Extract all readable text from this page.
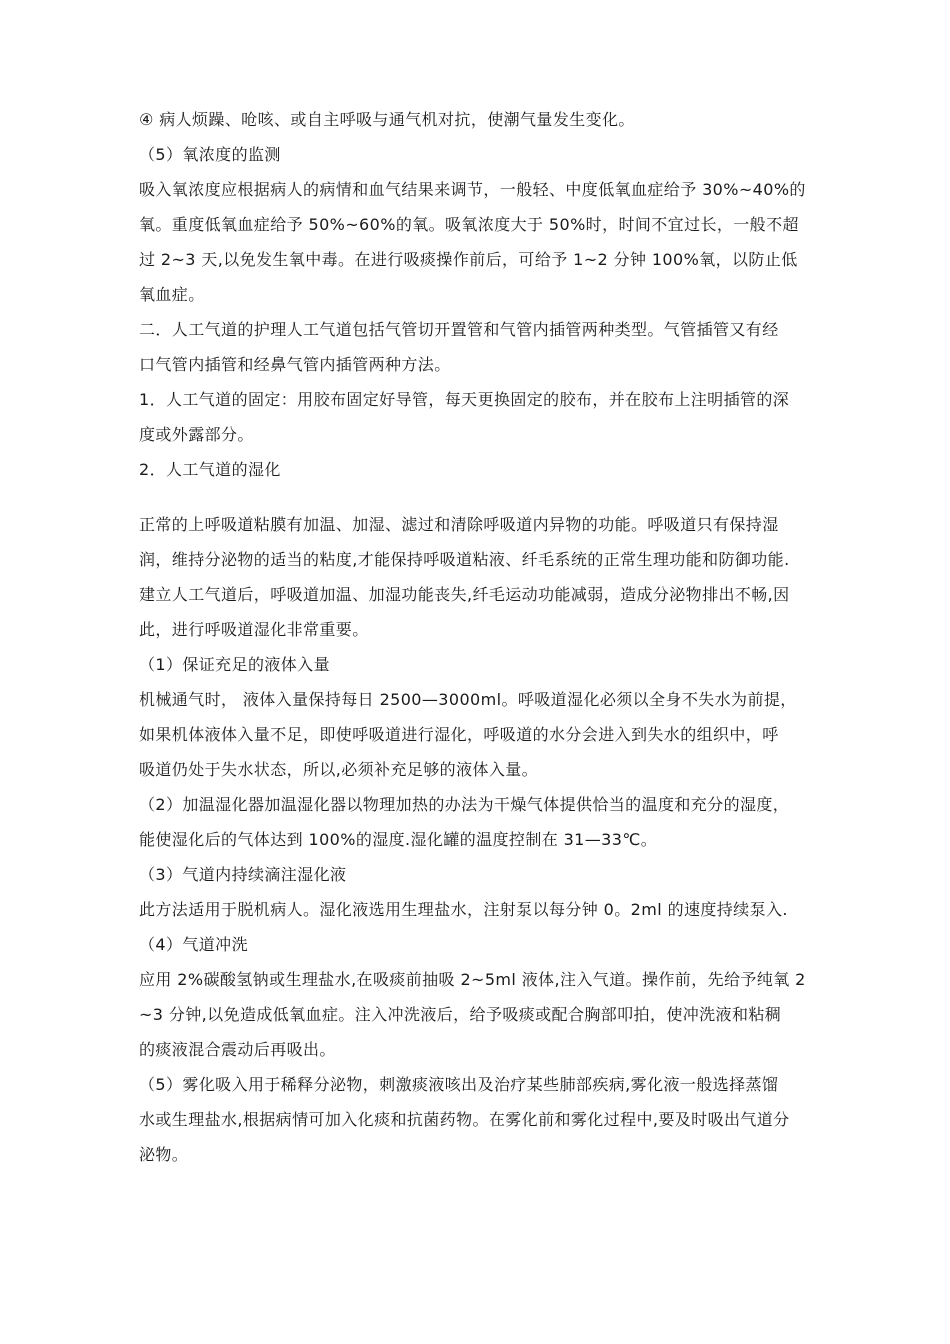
④ 病人烦躁、呛咳、或自主呼吸与通气机对抗，使潮气量发生变化。

（5）氧浓度的监测

吸入氧浓度应根据病人的病情和血气结果来调节，一般轻、中度低氧血症给予 30%~40%的

氧。重度低氧血症给予 50%~60%的氧。吸氧浓度大于 50%时，时间不宜过长，一般不超

过 2~3 天,以免发生氧中毒。在进行吸痰操作前后，可给予 1~2 分钟 100%氧，以防止低

氧血症。

二．人工气道的护理人工气道包括气管切开置管和气管内插管两种类型。气管插管又有经

口气管内插管和经鼻气管内插管两种方法。

1．人工气道的固定：用胶布固定好导管，每天更换固定的胶布，并在胶布上注明插管的深

度或外露部分。

2．人工气道的湿化

正常的上呼吸道粘膜有加温、加湿、滤过和清除呼吸道内异物的功能。呼吸道只有保持湿

润，维持分泌物的适当的粘度,才能保持呼吸道粘液、纤毛系统的正常生理功能和防御功能.

建立人工气道后，呼吸道加温、加湿功能丧失,纤毛运动功能减弱，造成分泌物排出不畅,因

此，进行呼吸道湿化非常重要。

（1）保证充足的液体入量

机械通气时， 液体入量保持每日 2500—3000ml。呼吸道湿化必须以全身不失水为前提，

如果机体液体入量不足，即使呼吸道进行湿化，呼吸道的水分会进入到失水的组织中，呼

吸道仍处于失水状态，所以,必须补充足够的液体入量。

（2）加温湿化器加温湿化器以物理加热的办法为干燥气体提供恰当的温度和充分的湿度，

能使湿化后的气体达到 100%的湿度.湿化罐的温度控制在 31—33℃。

（3）气道内持续滴注湿化液

此方法适用于脱机病人。湿化液选用生理盐水，注射泵以每分钟 0。2ml 的速度持续泵入.

（4）气道冲洗

应用 2%碳酸氢钠或生理盐水,在吸痰前抽吸 2~5ml 液体,注入气道。操作前，先给予纯氧 2

~3 分钟,以免造成低氧血症。注入冲洗液后，给予吸痰或配合胸部叩拍，使冲洗液和粘稠

的痰液混合震动后再吸出。

（5）雾化吸入用于稀释分泌物，刺激痰液咳出及治疗某些肺部疾病,雾化液一般选择蒸馏

水或生理盐水,根据病情可加入化痰和抗菌药物。在雾化前和雾化过程中,要及时吸出气道分

泌物。
